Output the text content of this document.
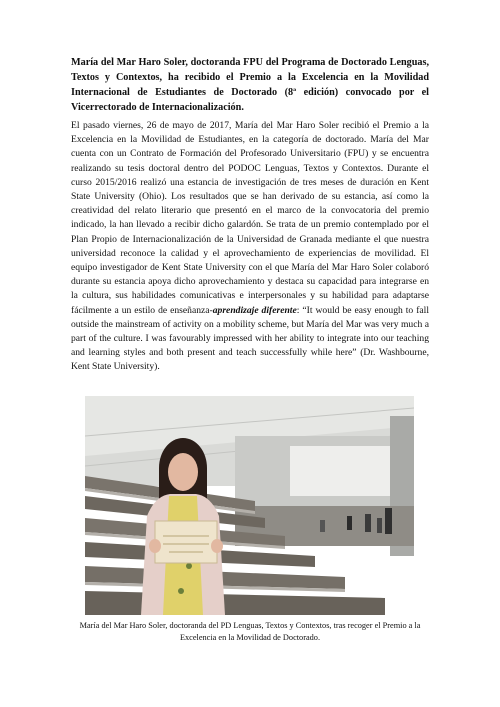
María del Mar Haro Soler, doctoranda FPU del Programa de Doctorado Lenguas, Textos y Contextos, ha recibido el Premio a la Excelencia en la Movilidad Internacional de Estudiantes de Doctorado (8ª edición) convocado por el Vicerrectorado de Internacionalización.

El pasado viernes, 26 de mayo de 2017, María del Mar Haro Soler recibió el Premio a la Excelencia en la Movilidad de Estudiantes, en la categoría de doctorado. María del Mar cuenta con un Contrato de Formación del Profesorado Universitario (FPU) y se encuentra realizando su tesis doctoral dentro del PODOC Lenguas, Textos y Contextos. Durante el curso 2015/2016 realizó una estancia de investigación de tres meses de duración en Kent State University (Ohio). Los resultados que se han derivado de su estancia, así como la creatividad del relato literario que presentó en el marco de la convocatoria del premio indicado, la han llevado a recibir dicho galardón. Se trata de un premio contemplado por el Plan Propio de Internacionalización de la Universidad de Granada mediante el que nuestra universidad reconoce la calidad y el aprovechamiento de experiencias de movilidad. El equipo investigador de Kent State University con el que María del Mar Haro Soler colaboró durante su estancia apoya dicho aprovechamiento y destaca su capacidad para integrarse en la cultura, sus habilidades comunicativas e interpersonales y su habilidad para adaptarse fácilmente a un estilo de enseñanza-aprendizaje diferente: “It would be easy enough to fall outside the mainstream of activity on a mobility scheme, but María del Mar was very much a part of the culture. I was favourably impressed with her ability to integrate into our teaching and learning styles and both present and teach successfully while here” (Dr. Washbourne, Kent State University).

María del Mar Haro Soler, doctoranda del PD Lenguas, Textos y Contextos, tras recoger el Premio a la Excelencia en la Movilidad de Doctorado.
